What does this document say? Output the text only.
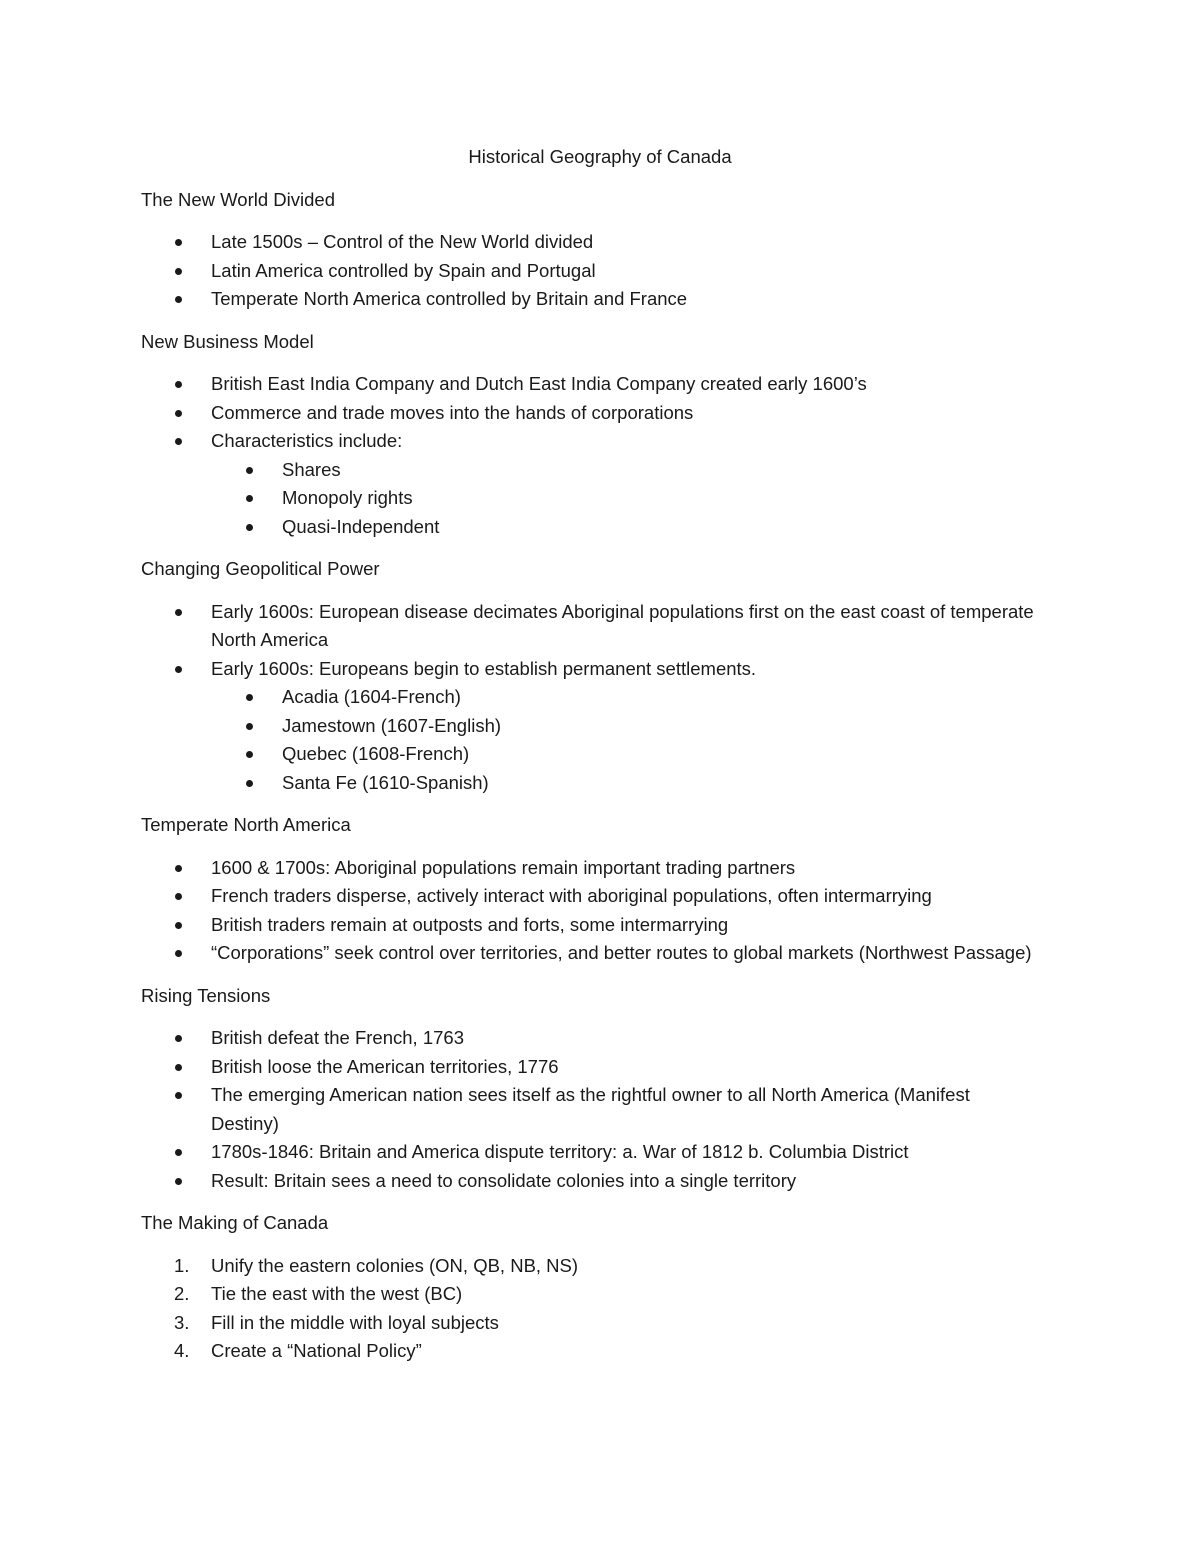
Historical Geography of Canada
The New World Divided
Late 1500s – Control of the New World divided
Latin America controlled by Spain and Portugal
Temperate North America controlled by Britain and France
New Business Model
British East India Company and Dutch East India Company created early 1600’s
Commerce and trade moves into the hands of corporations
Characteristics include:
Shares
Monopoly rights
Quasi-Independent
Changing Geopolitical Power
Early 1600s: European disease decimates Aboriginal populations first on the east coast of temperate North America
Early 1600s: Europeans begin to establish permanent settlements.
Acadia (1604-French)
Jamestown (1607-English)
Quebec (1608-French)
Santa Fe (1610-Spanish)
Temperate North America
1600 & 1700s: Aboriginal populations remain important trading partners
French traders disperse, actively interact with aboriginal populations, often intermarrying
British traders remain at outposts and forts, some intermarrying
“Corporations” seek control over territories, and better routes to global markets (Northwest Passage)
Rising Tensions
British defeat the French, 1763
British loose the American territories, 1776
The emerging American nation sees itself as the rightful owner to all North America (Manifest Destiny)
1780s-1846: Britain and America dispute territory: a. War of 1812 b. Columbia District
Result: Britain sees a need to consolidate colonies into a single territory
The Making of Canada
1. Unify the eastern colonies (ON, QB, NB, NS)
2. Tie the east with the west (BC)
3. Fill in the middle with loyal subjects
4. Create a “National Policy”
